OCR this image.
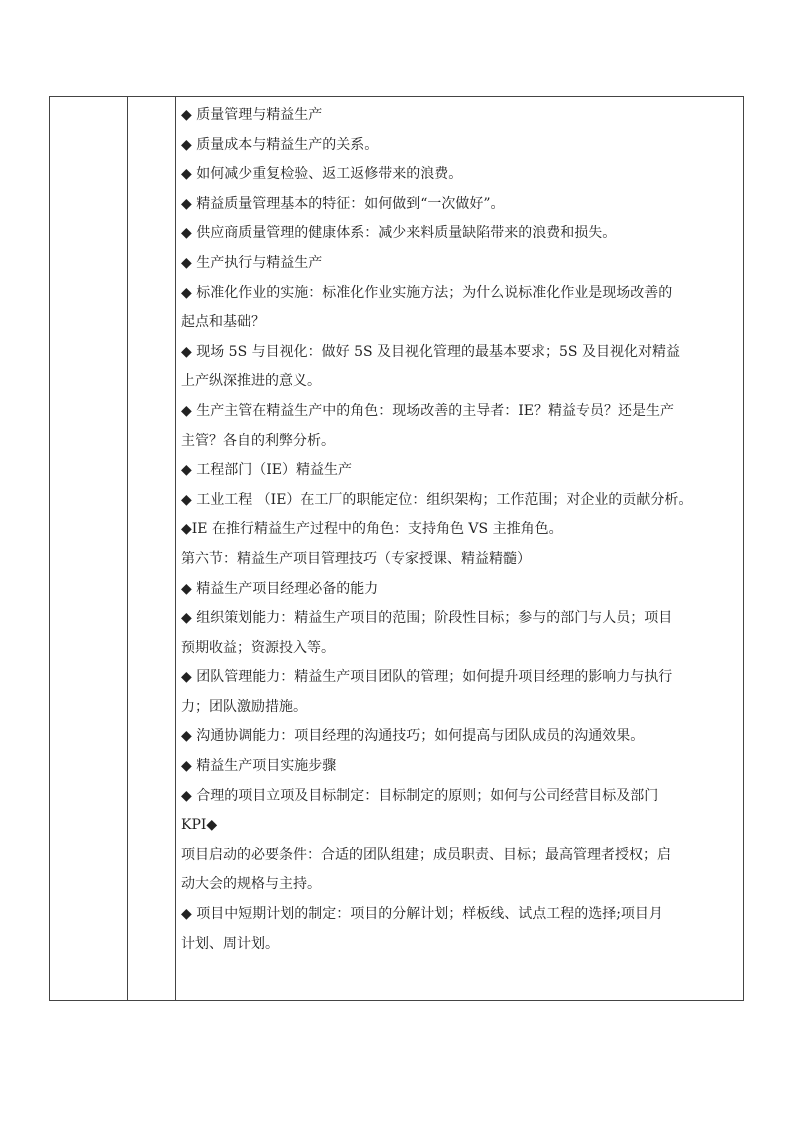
◆ 质量管理与精益生产
◆ 质量成本与精益生产的关系。
◆ 如何减少重复检验、返工返修带来的浪费。
◆ 精益质量管理基本的特征：如何做到“一次做好”。
◆ 供应商质量管理的健康体系：减少来料质量缺陷带来的浪费和损失。
◆ 生产执行与精益生产
◆ 标准化作业的实施：标准化作业实施方法；为什么说标准化作业是现场改善的
起点和基础？
◆ 现场 5S 与目视化：做好 5S 及目视化管理的最基本要求；5S 及目视化对精益
上产纵深推进的意义。
◆ 生产主管在精益生产中的角色：现场改善的主导者：IE？精益专员？还是生产
主管？各自的利弊分析。
◆ 工程部门（IE）精益生产
◆ 工业工程 （IE）在工厂的职能定位：组织架构；工作范围；对企业的贡献分析。
◆IE 在推行精益生产过程中的角色：支持角色 VS 主推角色。
第六节：精益生产项目管理技巧（专家授课、精益精髓）
◆ 精益生产项目经理必备的能力
◆ 组织策划能力：精益生产项目的范围；阶段性目标；参与的部门与人员；项目
预期收益；资源投入等。
◆ 团队管理能力：精益生产项目团队的管理；如何提升项目经理的影响力与执行
力；团队激励措施。
◆ 沟通协调能力：项目经理的沟通技巧；如何提高与团队成员的沟通效果。
◆ 精益生产项目实施步骤
◆ 合理的项目立项及目标制定：目标制定的原则；如何与公司经营目标及部门
KPI◆
项目启动的必要条件：合适的团队组建；成员职责、目标；最高管理者授权；启
动大会的规格与主持。
◆ 项目中短期计划的制定：项目的分解计划；样板线、试点工程的选择;项目月
计划、周计划。
